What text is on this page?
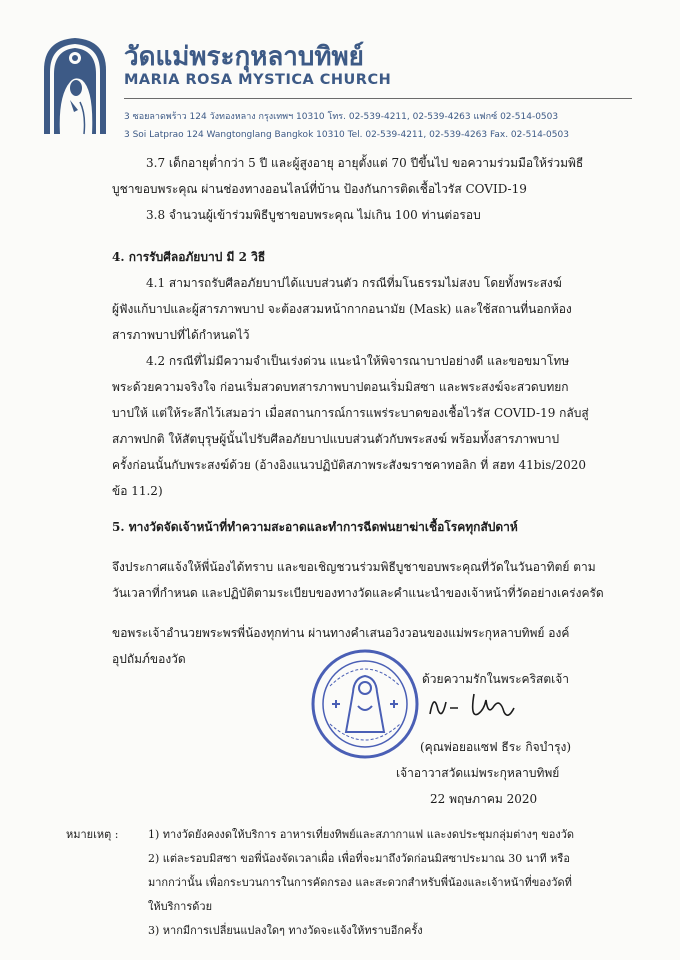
วัดแม่พระกุหลาบทิพย์
MARIA ROSA MYSTICA CHURCH
3 ซอยลาดพร้าว 124 วังทองหลาง กรุงเทพฯ 10310 โทร. 02-539-4211, 02-539-4263 แฟกซ์ 02-514-0503
3 Soi Latprao 124 Wangtonglang Bangkok 10310 Tel. 02-539-4211, 02-539-4263 Fax. 02-514-0503
3.7 เด็กอายุต่ำกว่า 5 ปี และผู้สูงอายุ อายุตั้งแต่ 70 ปีขึ้นไป ขอความร่วมมือให้ร่วมพิธี
บูชาขอบพระคุณ ผ่านช่องทางออนไลน์ที่บ้าน ป้องกันการติดเชื้อไวรัส COVID-19
3.8 จำนวนผู้เข้าร่วมพิธีบูชาขอบพระคุณ ไม่เกิน 100 ท่านต่อรอบ
4. การรับศีลอภัยบาป มี 2 วิธี
4.1 สามารถรับศีลอภัยบาปได้แบบส่วนตัว กรณีที่มโนธรรมไม่สงบ โดยทั้งพระสงฆ์
ผู้ฟังแก้บาปและผู้สารภาพบาป จะต้องสวมหน้ากากอนามัย (Mask) และใช้สถานที่นอกห้อง
สารภาพบาปที่ได้กำหนดไว้
4.2 กรณีที่ไม่มีความจำเป็นเร่งด่วน แนะนำให้พิจารณาบาปอย่างดี และขอขมาโทษ
พระด้วยความจริงใจ ก่อนเริ่มสวดบทสารภาพบาปตอนเริ่มมิสซา และพระสงฆ์จะสวดบทยก
บาปให้ แต่ให้ระลึกไว้เสมอว่า เมื่อสถานการณ์การแพร่ระบาดของเชื้อไวรัส COVID-19 กลับสู่
สภาพปกติ ให้สัตบุรุษผู้นั้นไปรับศีลอภัยบาปแบบส่วนตัวกับพระสงฆ์ พร้อมทั้งสารภาพบาป
ครั้งก่อนนั้นกับพระสงฆ์ด้วย (อ้างอิงแนวปฏิบัติสภาพระสังฆราชคาทอลิก ที่ สฮท 41bis/2020
ข้อ 11.2)
5. ทางวัดจัดเจ้าหน้าที่ทำความสะอาดและทำการฉีดพ่นยาฆ่าเชื้อโรคทุกสัปดาห์
จึงประกาศแจ้งให้พี่น้องได้ทราบ และขอเชิญชวนร่วมพิธีบูชาขอบพระคุณที่วัดในวันอาทิตย์ ตาม
วันเวลาที่กำหนด และปฏิบัติตามระเบียบของทางวัดและคำแนะนำของเจ้าหน้าที่วัดอย่างเคร่งครัด
ขอพระเจ้าอำนวยพระพรพี่น้องทุกท่าน ผ่านทางคำเสนอวิงวอนของแม่พระกุหลาบทิพย์ องค์
อุปถัมภ์ของวัด
ด้วยความรักในพระคริสตเจ้า
(คุณพ่อยอแซฟ ธีระ กิจบำรุง)
เจ้าอาวาสวัดแม่พระกุหลาบทิพย์
22 พฤษภาคม 2020
หมายเหตุ :	1) ทางวัดยังคงงดให้บริการ อาหารเที่ยงทิพย์และสภากาแฟ และงดประชุมกลุ่มต่างๆ ของวัด
2) แต่ละรอบมิสซา ขอพี่น้องจัดเวลาเผื่อ เพื่อที่จะมาถึงวัดก่อนมิสซาประมาณ 30 นาที หรือ
มากกว่านั้น เพื่อกระบวนการในการคัดกรอง และสะดวกสำหรับพี่น้องและเจ้าหน้าที่ของวัดที่
ให้บริการด้วย
3) หากมีการเปลี่ยนแปลงใดๆ ทางวัดจะแจ้งให้ทราบอีกครั้ง
